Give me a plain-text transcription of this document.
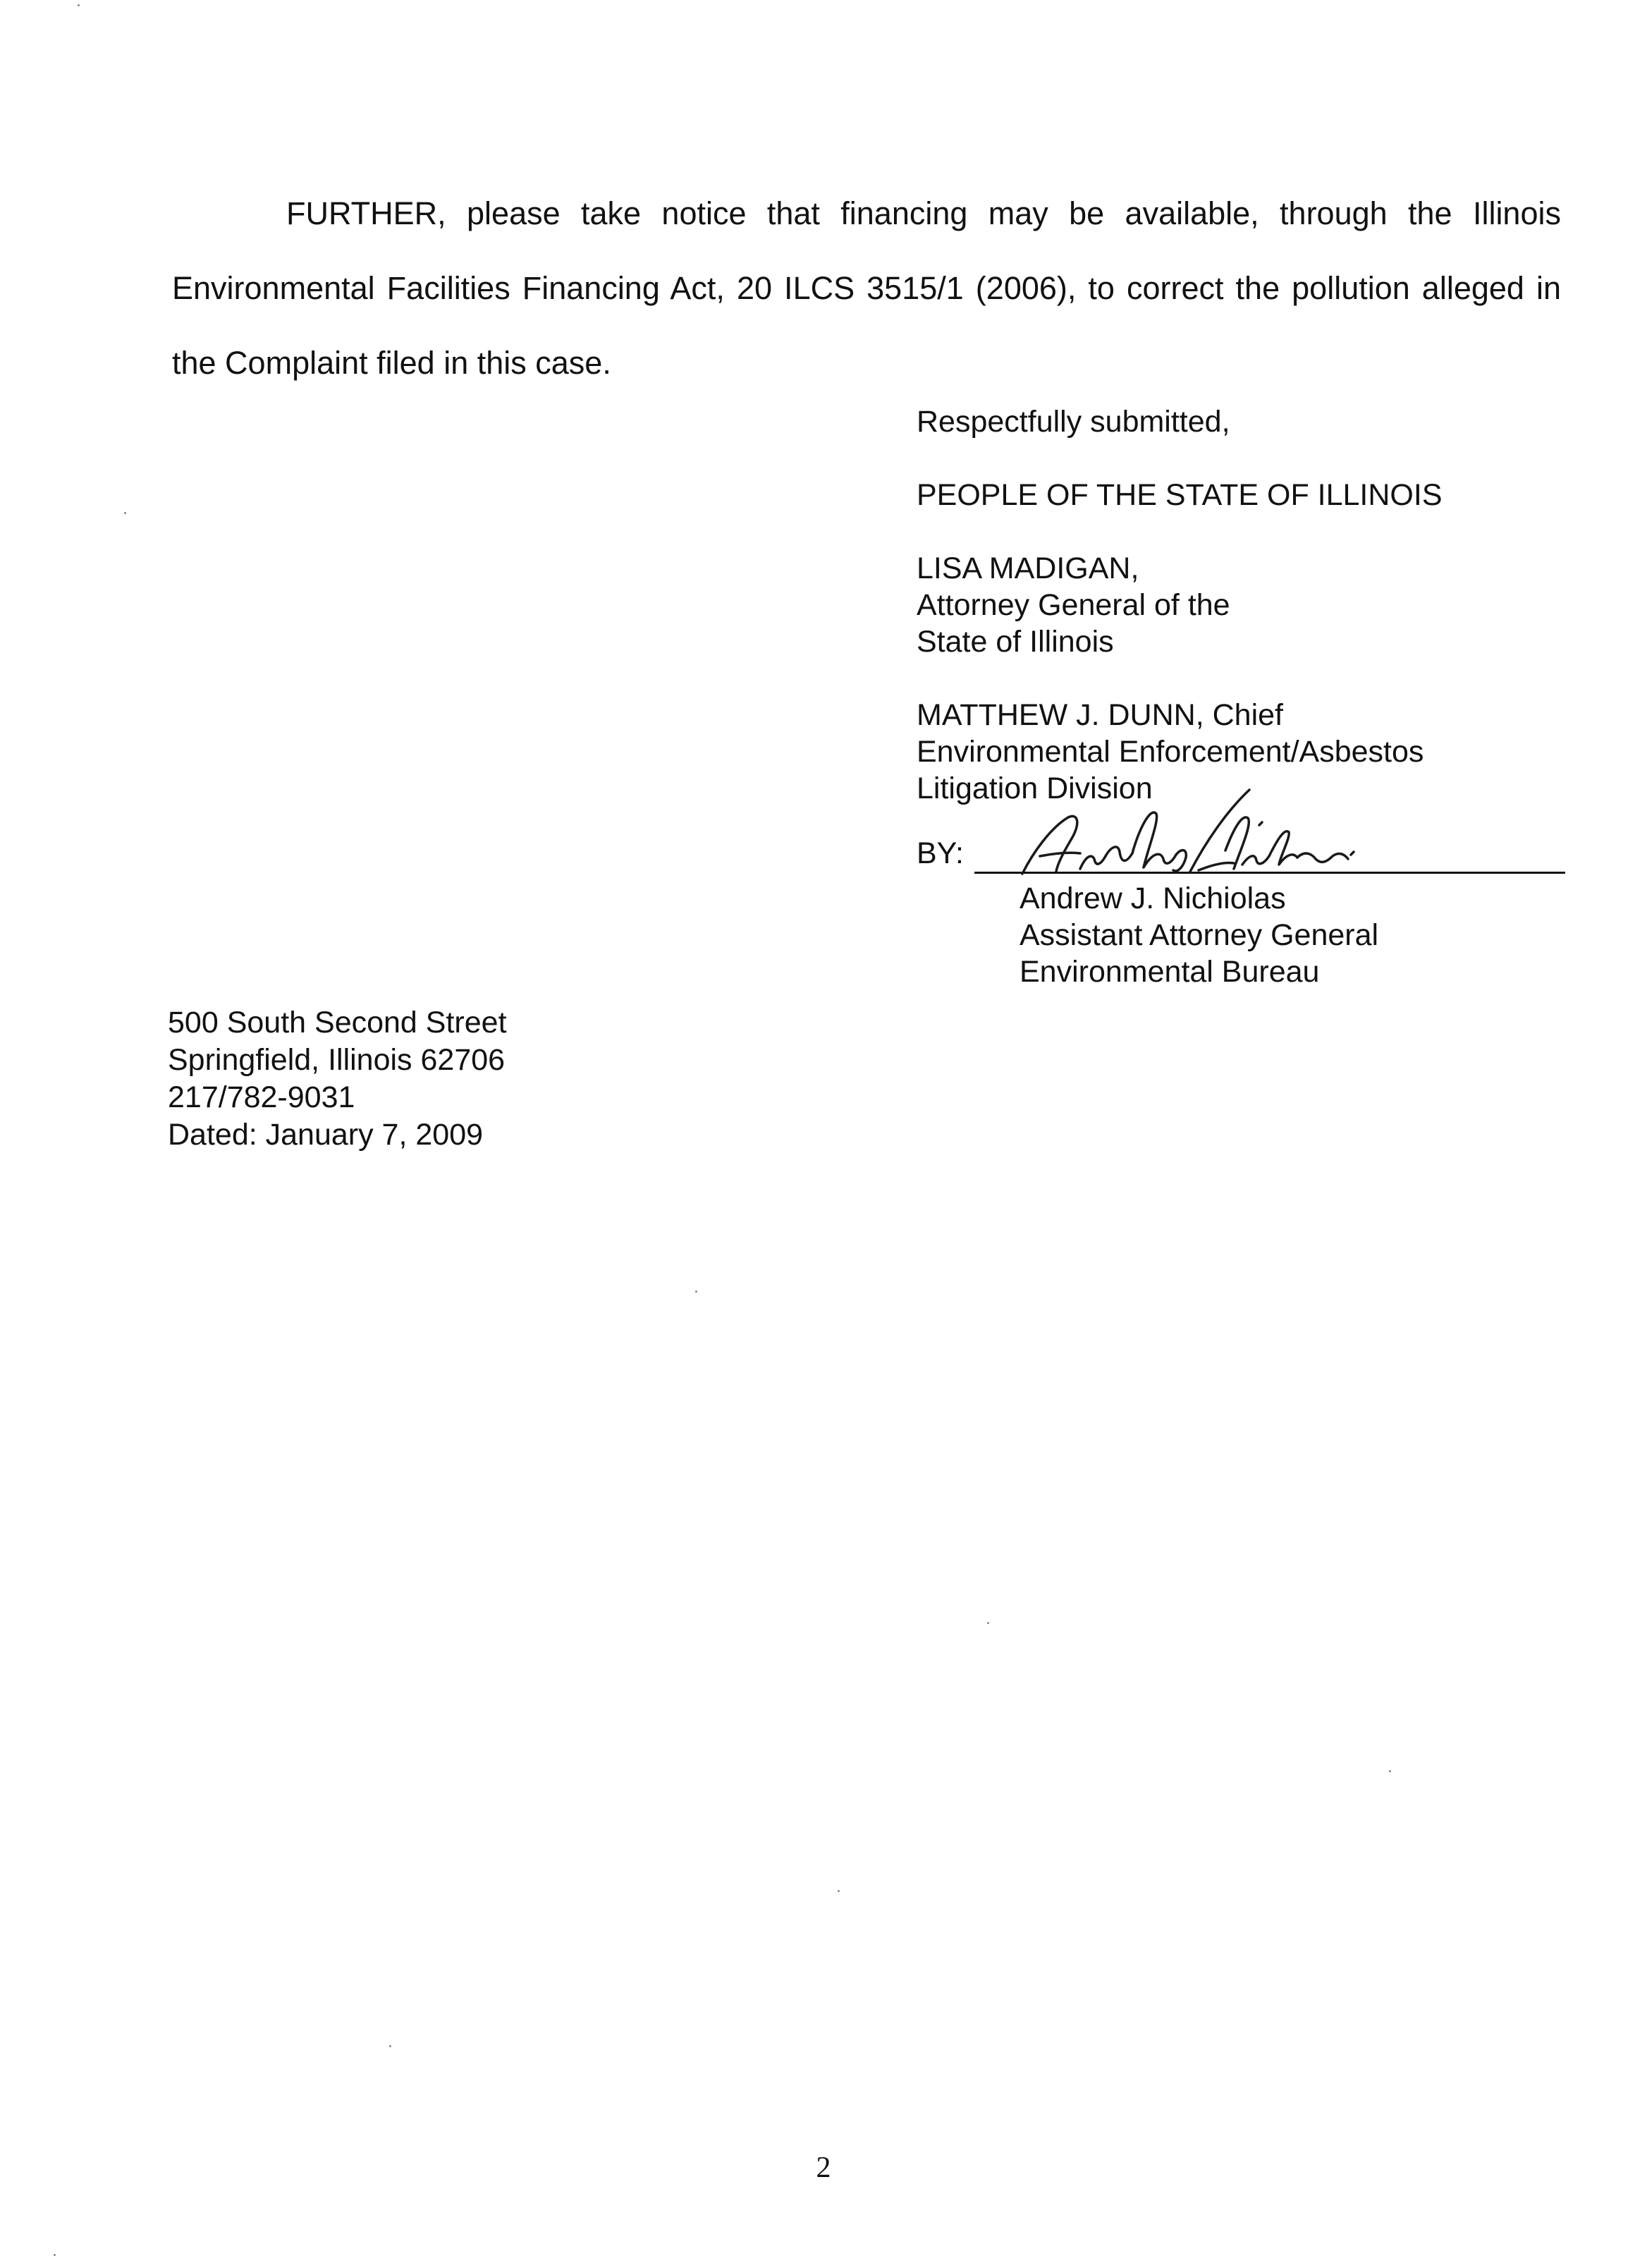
FURTHER, please take notice that financing may be available, through the Illinois Environmental Facilities Financing Act, 20 ILCS 3515/1 (2006), to correct the pollution alleged in the Complaint filed in this case.

Respectfully submitted,
PEOPLE OF THE STATE OF ILLINOIS
LISA MADIGAN,
Attorney General of the
State of Illinois
MATTHEW J. DUNN, Chief
Environmental Enforcement/Asbestos
Litigation Division
BY:
Andrew J. Nichiolas
Assistant Attorney General
Environmental Bureau
500 South Second Street
Springfield, Illinois 62706
217/782-9031
Dated: January 7, 2009
2
